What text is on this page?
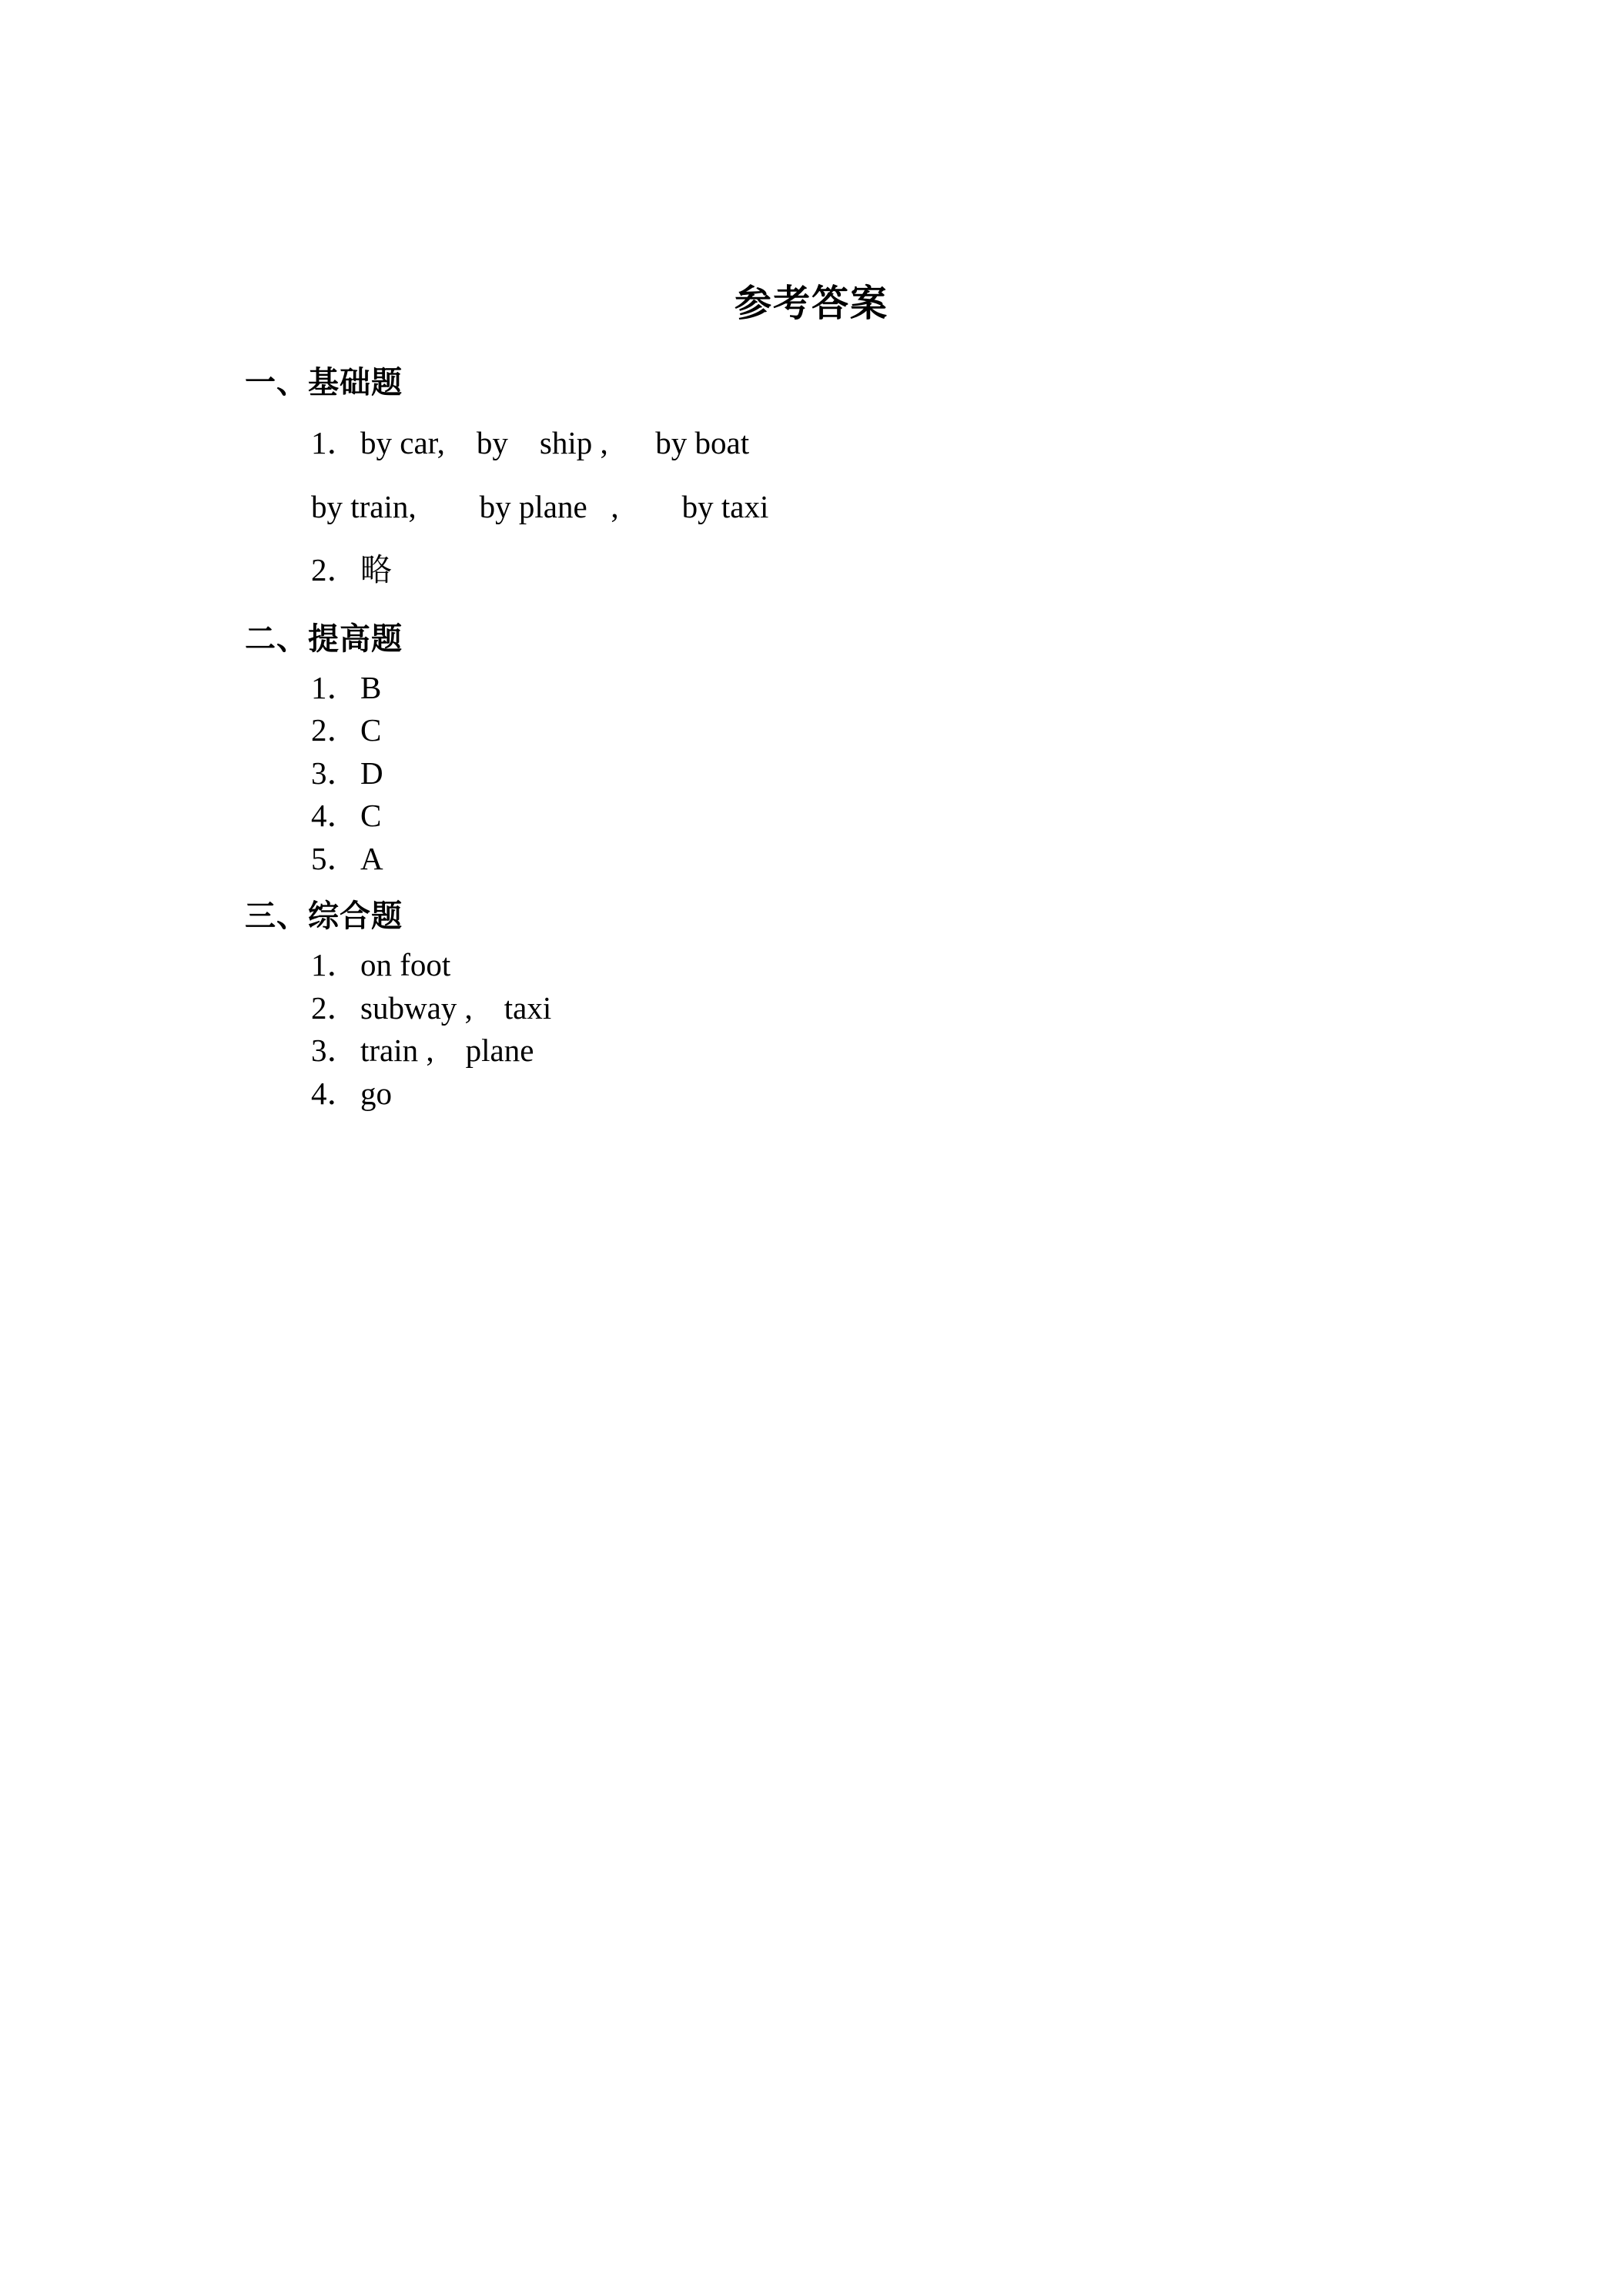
参考答案
一、基础题
1．by car,    by    ship ,      by boat
by train,        by plane   ,        by taxi
2．略
二、提高题
1．B
2．C
3．D
4．C
5．A
三、综合题
1．on foot
2．subway ,    taxi
3．train ,    plane
4．go
